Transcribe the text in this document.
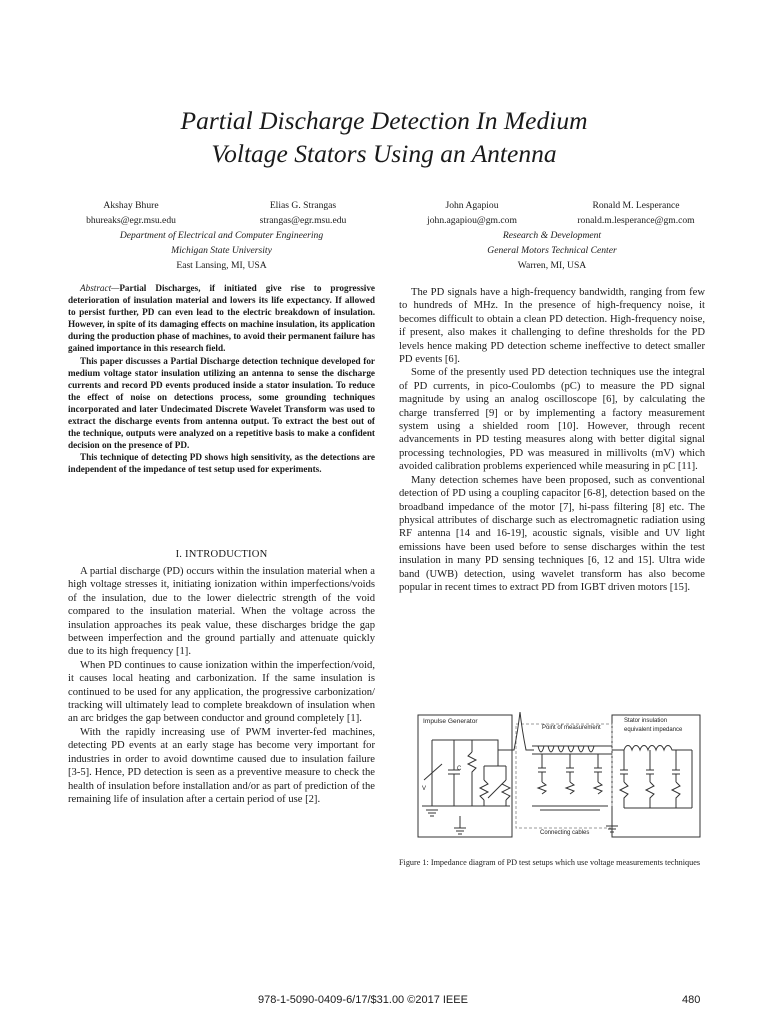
Partial Discharge Detection In Medium
Voltage Stators Using an Antenna
Akshay Bhure
bhureaks@egr.msu.edu
Elias G. Strangas
strangas@egr.msu.edu
John Agapiou
john.agapiou@gm.com
Ronald M. Lesperance
ronald.m.lesperance@gm.com
Department of Electrical and Computer Engineering
Michigan State University
East Lansing, MI, USA
Research & Development
General Motors Technical Center
Warren, MI, USA

Abstract—Partial Discharges, if initiated give rise to progressive deterioration of insulation material and lowers its life expectancy. If allowed to persist further, PD can even lead to the electric breakdown of insulation. However, in spite of its damaging effects on machine insulation, its application during the production phase of machines, to avoid their permanent failure has gained importance in this research field.

This paper discusses a Partial Discharge detection technique developed for medium voltage stator insulation utilizing an antenna to sense the discharge currents and record PD events produced inside a stator insulation. To reduce the effect of noise on detections process, some grounding techniques incorporated and later Undecimated Discrete Wavelet Transform was used to extract the discharge events from antenna output. To extract the best out of the technique, outputs were analyzed on a repetitive basis to make a confident decision on the presence of PD.

This technique of detecting PD shows high sensitivity, as the detections are independent of the impedance of test setup used for experiments.

I. INTRODUCTION

A partial discharge (PD) occurs within the insulation material when a high voltage stresses it, initiating ionization within imperfections/voids of the insulation, due to the lower dielectric strength of the void compared to the insulation material. When the voltage across the insulation approaches its peak value, these discharges bridge the gap between imperfection and the ground partially and attenuate quickly due to its high frequency [1].

When PD continues to cause ionization within the imperfection/void, it causes local heating and carbonization. If the same insulation is continued to be used for any application, the progressive carbonization/ tracking will ultimately lead to complete breakdown of insulation when an arc bridges the gap between conductor and ground completely [1].

With the rapidly increasing use of PWM inverter-fed machines, detecting PD events at an early stage has become very important for industries in order to avoid downtime caused due to insulation failure [3-5]. Hence, PD detection is seen as a preventive measure to check the health of insulation before installation and/or as part of prediction of the remaining life of insulation after a certain period of use [2].

The PD signals have a high-frequency bandwidth, ranging from few to hundreds of MHz. In the presence of high-frequency noise, it becomes difficult to obtain a clean PD detection. High-frequency noise, if present, also makes it challenging to define thresholds for the PD levels hence making PD detection scheme ineffective to detect smaller PD events [6].

Some of the presently used PD detection techniques use the integral of PD currents, in pico-Coulombs (pC) to measure the PD signal magnitude by using an analog oscilloscope [6], by calculating the charge transferred [9] or by implementing a factory measurement system using a shielded room [10]. However, through recent advancements in PD testing measures along with better digital signal processing technologies, PD was measured in millivolts (mV) which avoided calibration problems experienced while measuring in pC [11].

Many detection schemes have been proposed, such as conventional detection of PD using a coupling capacitor [6-8], detection based on the broadband impedance of the motor [7], hi-pass filtering [8] etc. The physical attributes of discharge such as electromagnetic radiation using RF antenna [14 and 16-19], acoustic signals, visible and UV light emissions have been used before to sense discharges within the test insulation in many PD sensing techniques [6, 12 and 15]. Ultra wide band (UWB) detection, using wavelet transform has also become popular in recent times to extract PD from IGBT driven motors [15].

Impulse Generator
Point of measurement
Stator insulation
equivalent impedance
Connecting cables
V
C
Figure 1: Impedance diagram of PD test setups which use voltage measurements techniques
978-1-5090-0409-6/17/$31.00 ©2017 IEEE	480
